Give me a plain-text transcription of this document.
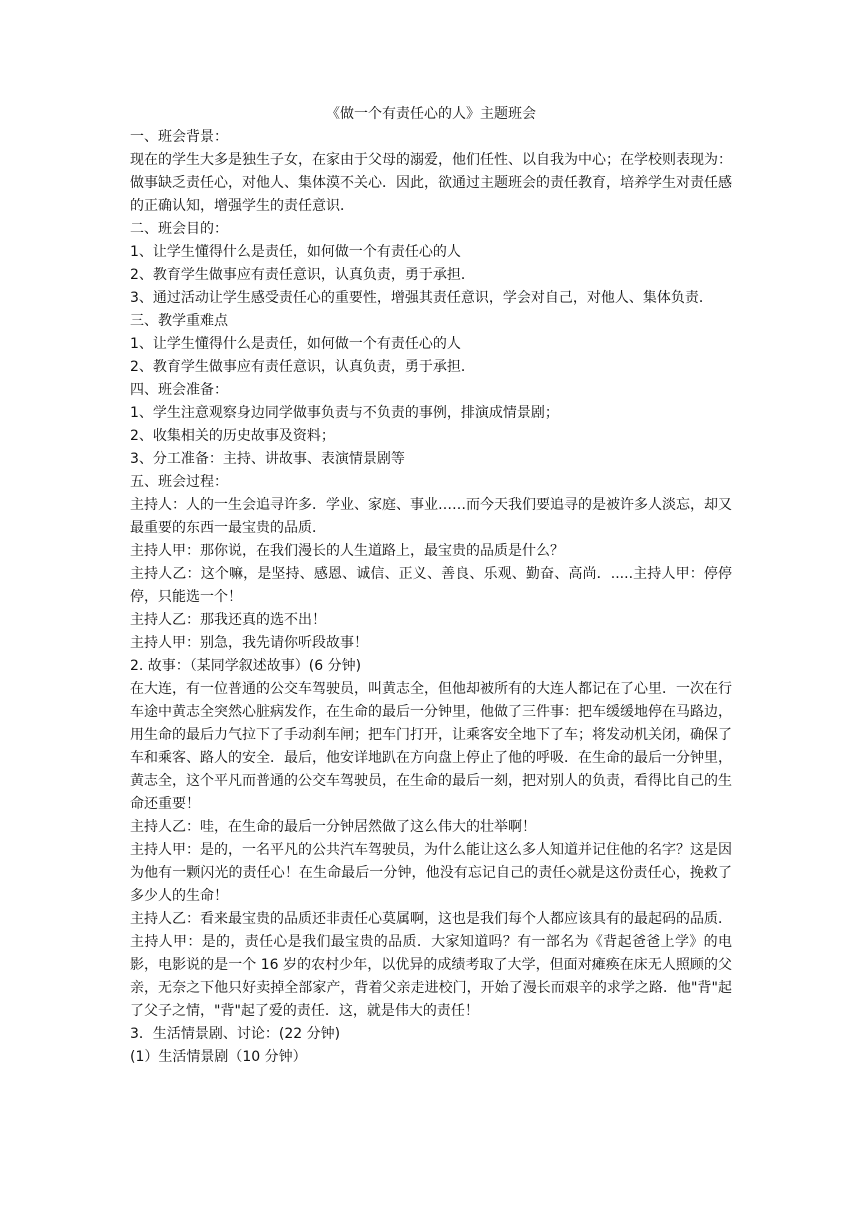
《做一个有责任心的人》主题班会

一、班会背景：

现在的学生大多是独生子女，在家由于父母的溺爱，他们任性、以自我为中心；在学校则表现为：做事缺乏责任心，对他人、集体漠不关心．因此，欲通过主题班会的责任教育，培养学生对责任感的正确认知，增强学生的责任意识．

二、班会目的：

1、让学生懂得什么是责任，如何做一个有责任心的人

2、教育学生做事应有责任意识，认真负责，勇于承担．

3、通过活动让学生感受责任心的重要性，增强其责任意识，学会对自己，对他人、集体负责．

三、教学重难点

1、让学生懂得什么是责任，如何做一个有责任心的人

2、教育学生做事应有责任意识，认真负责，勇于承担．

四、班会准备：

1、学生注意观察身边同学做事负责与不负责的事例，排演成情景剧；

2、收集相关的历史故事及资料；

3、分工准备：主持、讲故事、表演情景剧等

五、班会过程：

主持人：人的一生会追寻许多．学业、家庭、事业……而今天我们要追寻的是被许多人淡忘，却又最重要的东西一最宝贵的品质．

主持人甲：那你说，在我们漫长的人生道路上，最宝贵的品质是什么？

主持人乙：这个嘛，是坚持、感恩、诚信、正义、善良、乐观、勤奋、高尚．.....主持人甲：停停停，只能选一个！

主持人乙：那我还真的选不出！

主持人甲：别急，我先请你听段故事！

2. 故事：（某同学叙述故事）(6 分钟)

在大连，有一位普通的公交车驾驶员，叫黄志全，但他却被所有的大连人都记在了心里．一次在行车途中黄志全突然心脏病发作，在生命的最后一分钟里，他做了三件事：把车缓缓地停在马路边，用生命的最后力气拉下了手动刹车闸；把车门打开，让乘客安全地下了车；将发动机关闭，确保了车和乘客、路人的安全．最后，他安详地趴在方向盘上停止了他的呼吸．在生命的最后一分钟里，黄志全，这个平凡而普通的公交车驾驶员，在生命的最后一刻，把对别人的负责，看得比自己的生命还重要！

主持人乙：哇，在生命的最后一分钟居然做了这么伟大的壮举啊！

主持人甲：是的，一名平凡的公共汽车驾驶员，为什么能让这么多人知道并记住他的名字？这是因为他有一颗闪光的责任心！在生命最后一分钟，他没有忘记自己的责任◇就是这份责任心，挽救了多少人的生命！

主持人乙：看来最宝贵的品质还非责任心莫属啊，这也是我们每个人都应该具有的最起码的品质．

主持人甲：是的，责任心是我们最宝贵的品质．大家知道吗？有一部名为《背起爸爸上学》的电影，电影说的是一个 16 岁的农村少年，以优异的成绩考取了大学，但面对瘫痪在床无人照顾的父亲，无奈之下他只好卖掉全部家产，背着父亲走进校门，开始了漫长而艰辛的求学之路．他"背"起了父子之情，"背"起了爱的责任．这，就是伟大的责任！

3．生活情景剧、讨论：(22 分钟)

(1）生活情景剧（10 分钟）
